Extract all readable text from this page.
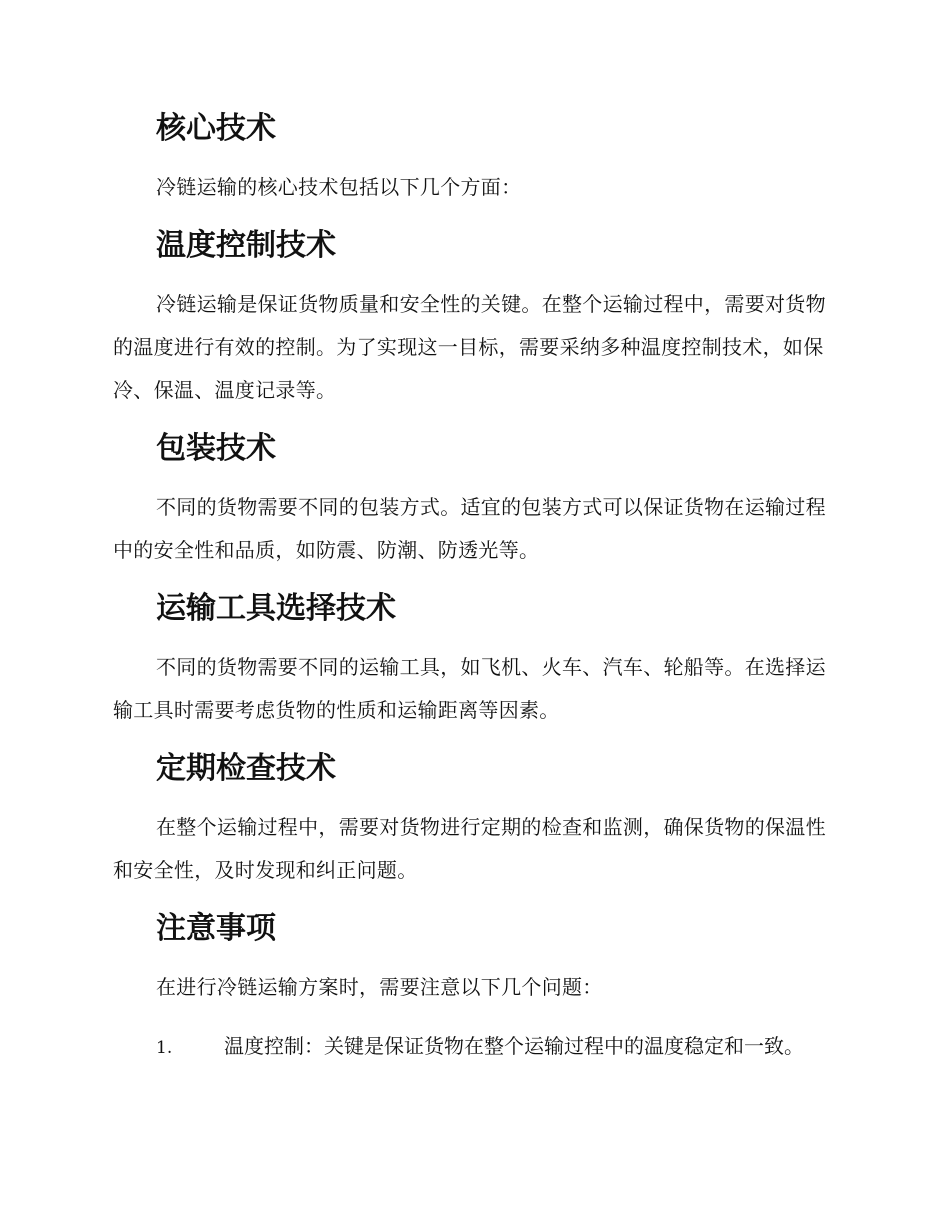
核心技术

冷链运输的核心技术包括以下几个方面：

温度控制技术

冷链运输是保证货物质量和安全性的关键。在整个运输过程中，需要对货物的温度进行有效的控制。为了实现这一目标，需要采纳多种温度控制技术，如保冷、保温、温度记录等。

包装技术

不同的货物需要不同的包装方式。适宜的包装方式可以保证货物在运输过程中的安全性和品质，如防震、防潮、防透光等。

运输工具选择技术

不同的货物需要不同的运输工具，如飞机、火车、汽车、轮船等。在选择运输工具时需要考虑货物的性质和运输距离等因素。

定期检查技术

在整个运输过程中，需要对货物进行定期的检查和监测，确保货物的保温性和安全性，及时发现和纠正问题。

注意事项

在进行冷链运输方案时，需要注意以下几个问题：

1.	温度控制：关键是保证货物在整个运输过程中的温度稳定和一致。
